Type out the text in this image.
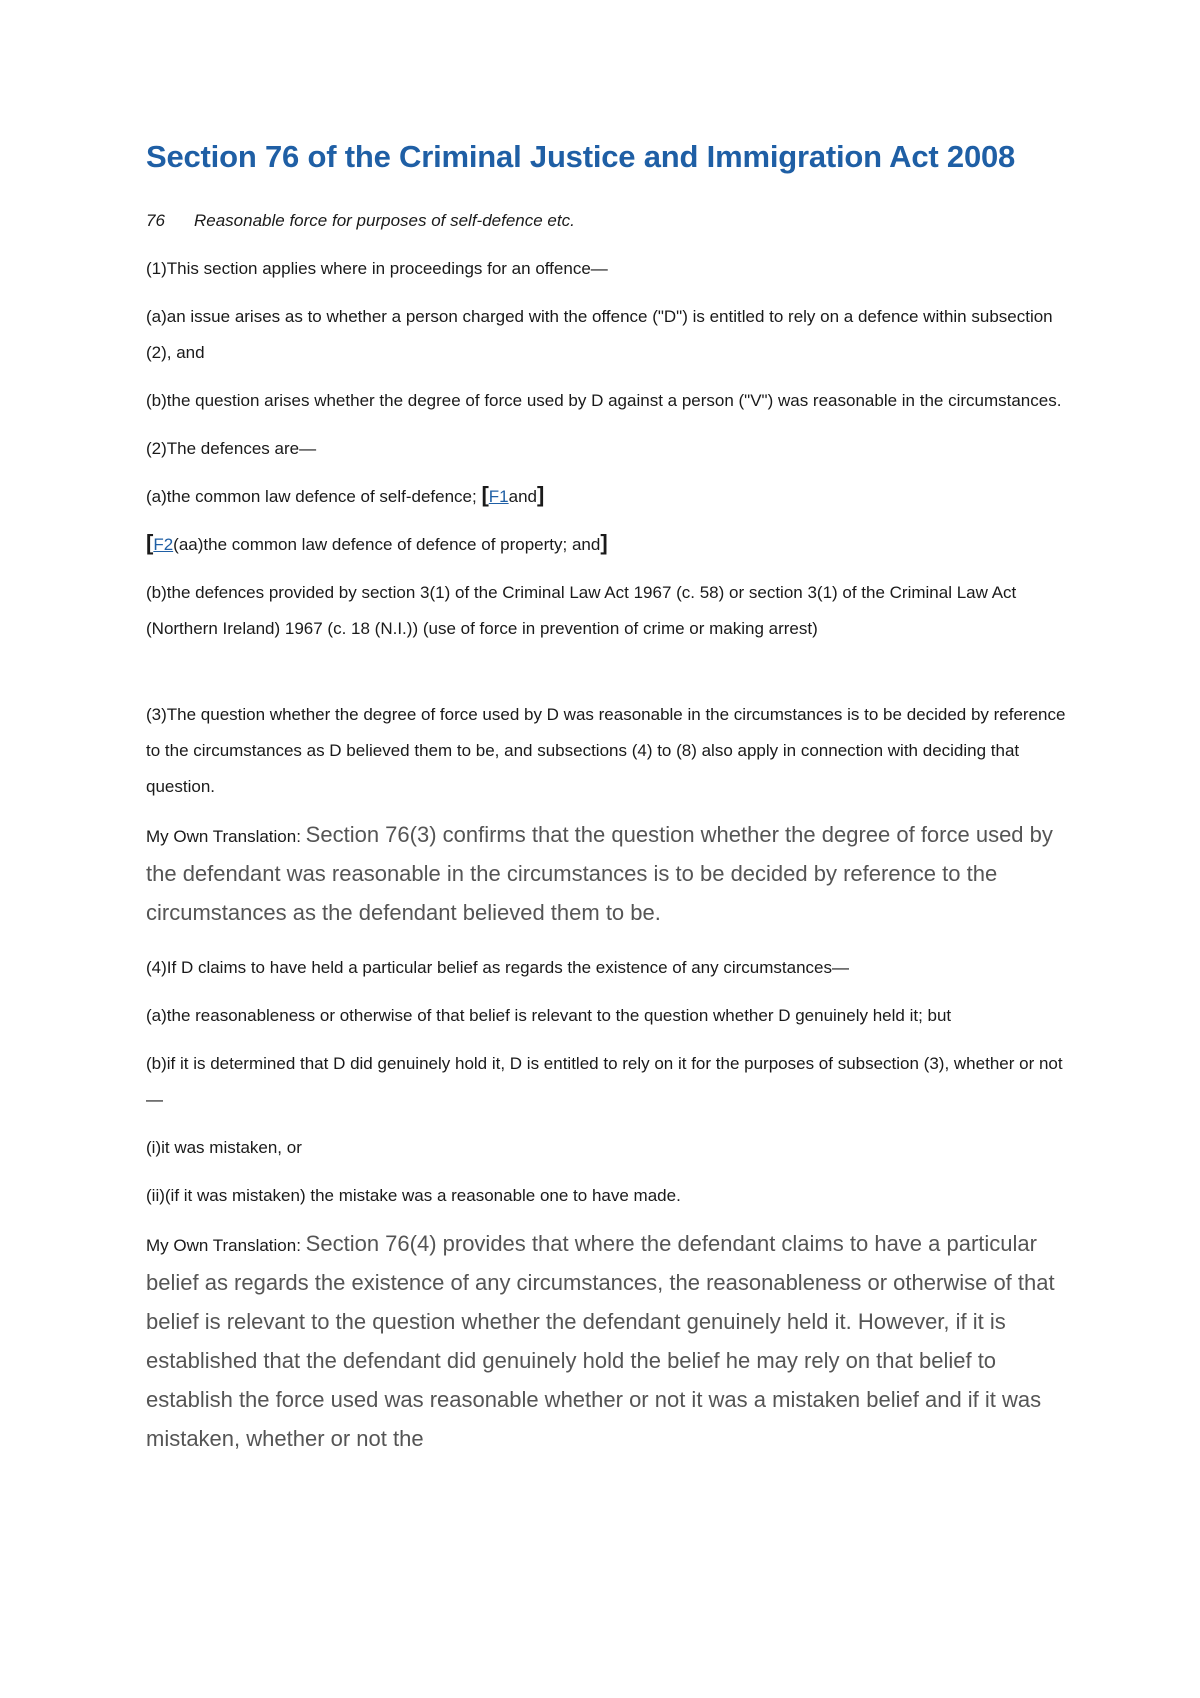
Section 76 of the Criminal Justice and Immigration Act 2008
76 Reasonable force for purposes of self-defence etc.

(1)This section applies where in proceedings for an offence—

(a)an issue arises as to whether a person charged with the offence ("D") is entitled to rely on a defence within subsection (2), and

(b)the question arises whether the degree of force used by D against a person ("V") was reasonable in the circumstances.

(2)The defences are—

(a)the common law defence of self-defence; [F1and]

[F2(aa)the common law defence of defence of property; and]

(b)the defences provided by section 3(1) of the Criminal Law Act 1967 (c. 58) or section 3(1) of the Criminal Law Act (Northern Ireland) 1967 (c. 18 (N.I.)) (use of force in prevention of crime or making arrest)

(3)The question whether the degree of force used by D was reasonable in the circumstances is to be decided by reference to the circumstances as D believed them to be, and subsections (4) to (8) also apply in connection with deciding that question.

My Own Translation: Section 76(3) confirms that the question whether the degree of force used by the defendant was reasonable in the circumstances is to be decided by reference to the circumstances as the defendant believed them to be.

(4)If D claims to have held a particular belief as regards the existence of any circumstances—

(a)the reasonableness or otherwise of that belief is relevant to the question whether D genuinely held it; but

(b)if it is determined that D did genuinely hold it, D is entitled to rely on it for the purposes of subsection (3), whether or not—

(i)it was mistaken, or

(ii)(if it was mistaken) the mistake was a reasonable one to have made.

My Own Translation: Section 76(4) provides that where the defendant claims to have a particular belief as regards the existence of any circumstances, the reasonableness or otherwise of that belief is relevant to the question whether the defendant genuinely held it. However, if it is established that the defendant did genuinely hold the belief he may rely on that belief to establish the force used was reasonable whether or not it was a mistaken belief and if it was mistaken, whether or not the
